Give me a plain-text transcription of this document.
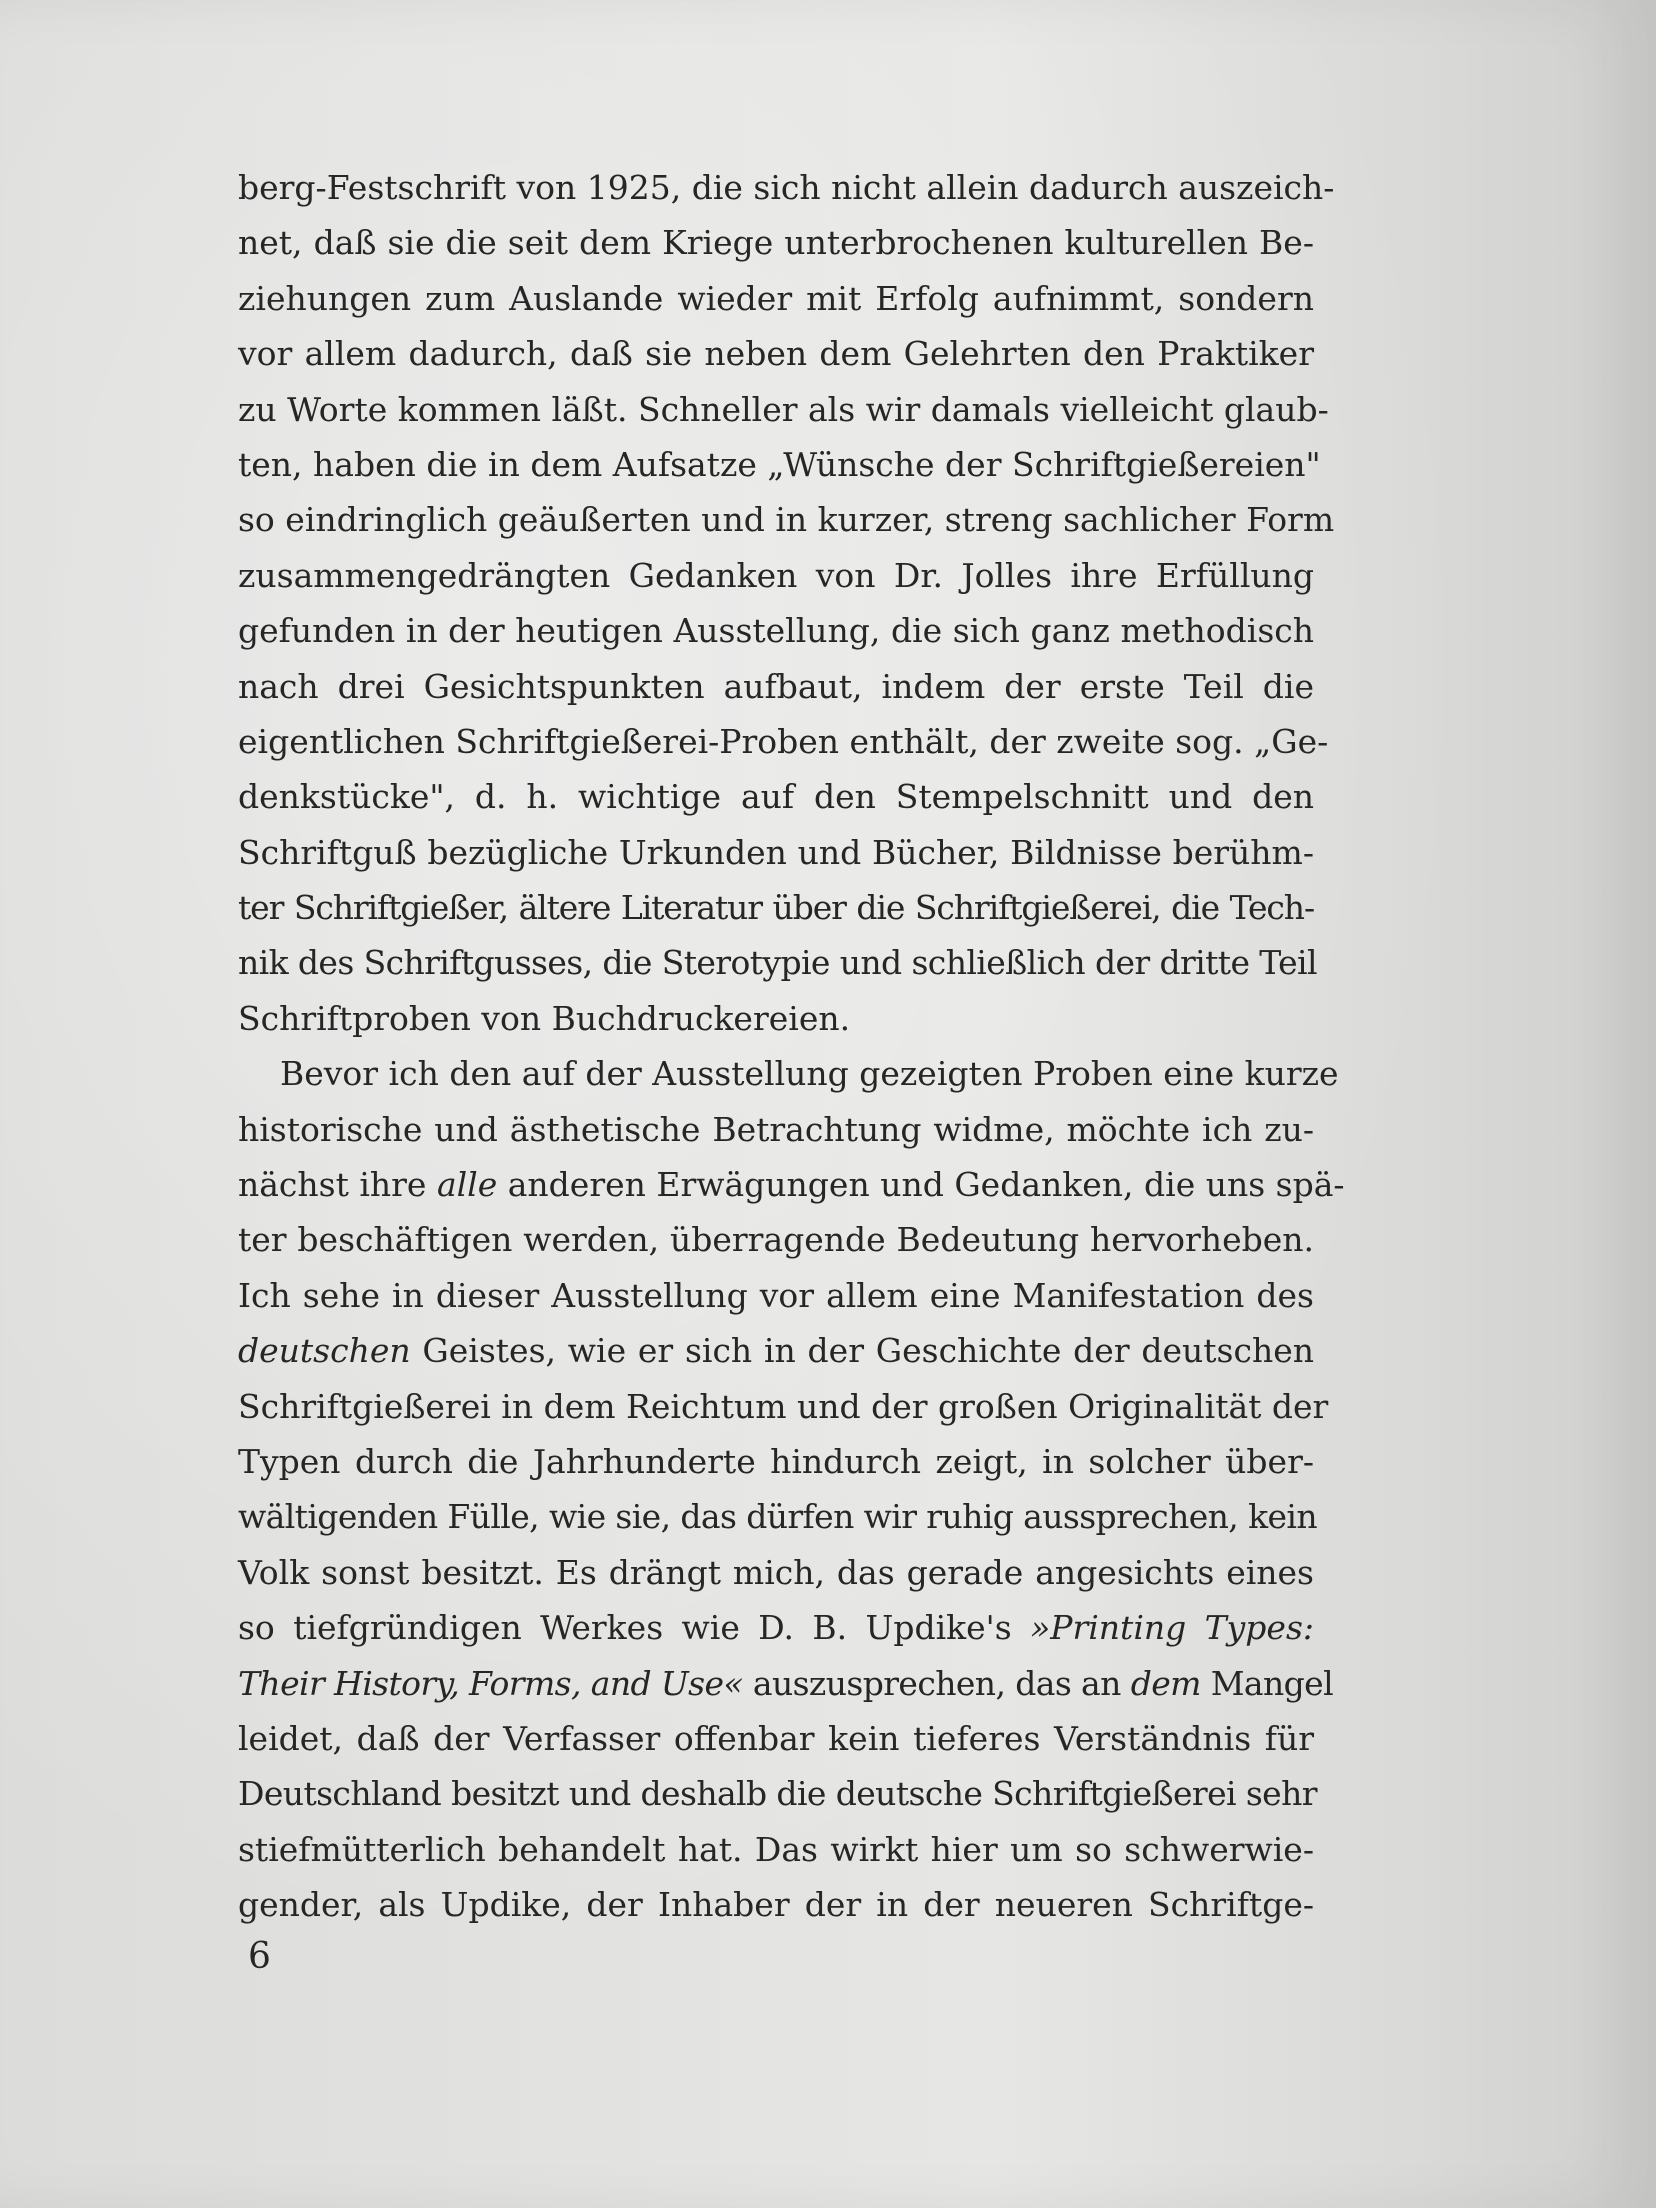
berg-Festschrift von 1925, die sich nicht allein dadurch auszeich-
net, daß sie die seit dem Kriege unterbrochenen kulturellen Be-
ziehungen zum Auslande wieder mit Erfolg aufnimmt, sondern
vor allem dadurch, daß sie neben dem Gelehrten den Praktiker
zu Worte kommen läßt. Schneller als wir damals vielleicht glaub-
ten, haben die in dem Aufsatze „Wünsche der Schriftgießereien"
so eindringlich geäußerten und in kurzer, streng sachlicher Form
zusammengedrängten Gedanken von Dr. Jolles ihre Erfüllung
gefunden in der heutigen Ausstellung, die sich ganz methodisch
nach drei Gesichtspunkten aufbaut, indem der erste Teil die
eigentlichen Schriftgießerei-Proben enthält, der zweite sog. „Ge-
denkstücke", d. h. wichtige auf den Stempelschnitt und den
Schriftguß bezügliche Urkunden und Bücher, Bildnisse berühm-
ter Schriftgießer, ältere Literatur über die Schriftgießerei, die Tech-
nik des Schriftgusses, die Sterotypie und schließlich der dritte Teil
Schriftproben von Buchdruckereien.
Bevor ich den auf der Ausstellung gezeigten Proben eine kurze
historische und ästhetische Betrachtung widme, möchte ich zu-
nächst ihre alle anderen Erwägungen und Gedanken, die uns spä-
ter beschäftigen werden, überragende Bedeutung hervorheben.
Ich sehe in dieser Ausstellung vor allem eine Manifestation des
deutschen Geistes, wie er sich in der Geschichte der deutschen
Schriftgießerei in dem Reichtum und der großen Originalität der
Typen durch die Jahrhunderte hindurch zeigt, in solcher über-
wältigenden Fülle, wie sie, das dürfen wir ruhig aussprechen, kein
Volk sonst besitzt. Es drängt mich, das gerade angesichts eines
so tiefgründigen Werkes wie D. B. Updike's »Printing Types:
Their History, Forms, and Use« auszusprechen, das an dem Mangel
leidet, daß der Verfasser offenbar kein tieferes Verständnis für
Deutschland besitzt und deshalb die deutsche Schriftgießerei sehr
stiefmütterlich behandelt hat. Das wirkt hier um so schwerwie-
gender, als Updike, der Inhaber der in der neueren Schriftge-
6
